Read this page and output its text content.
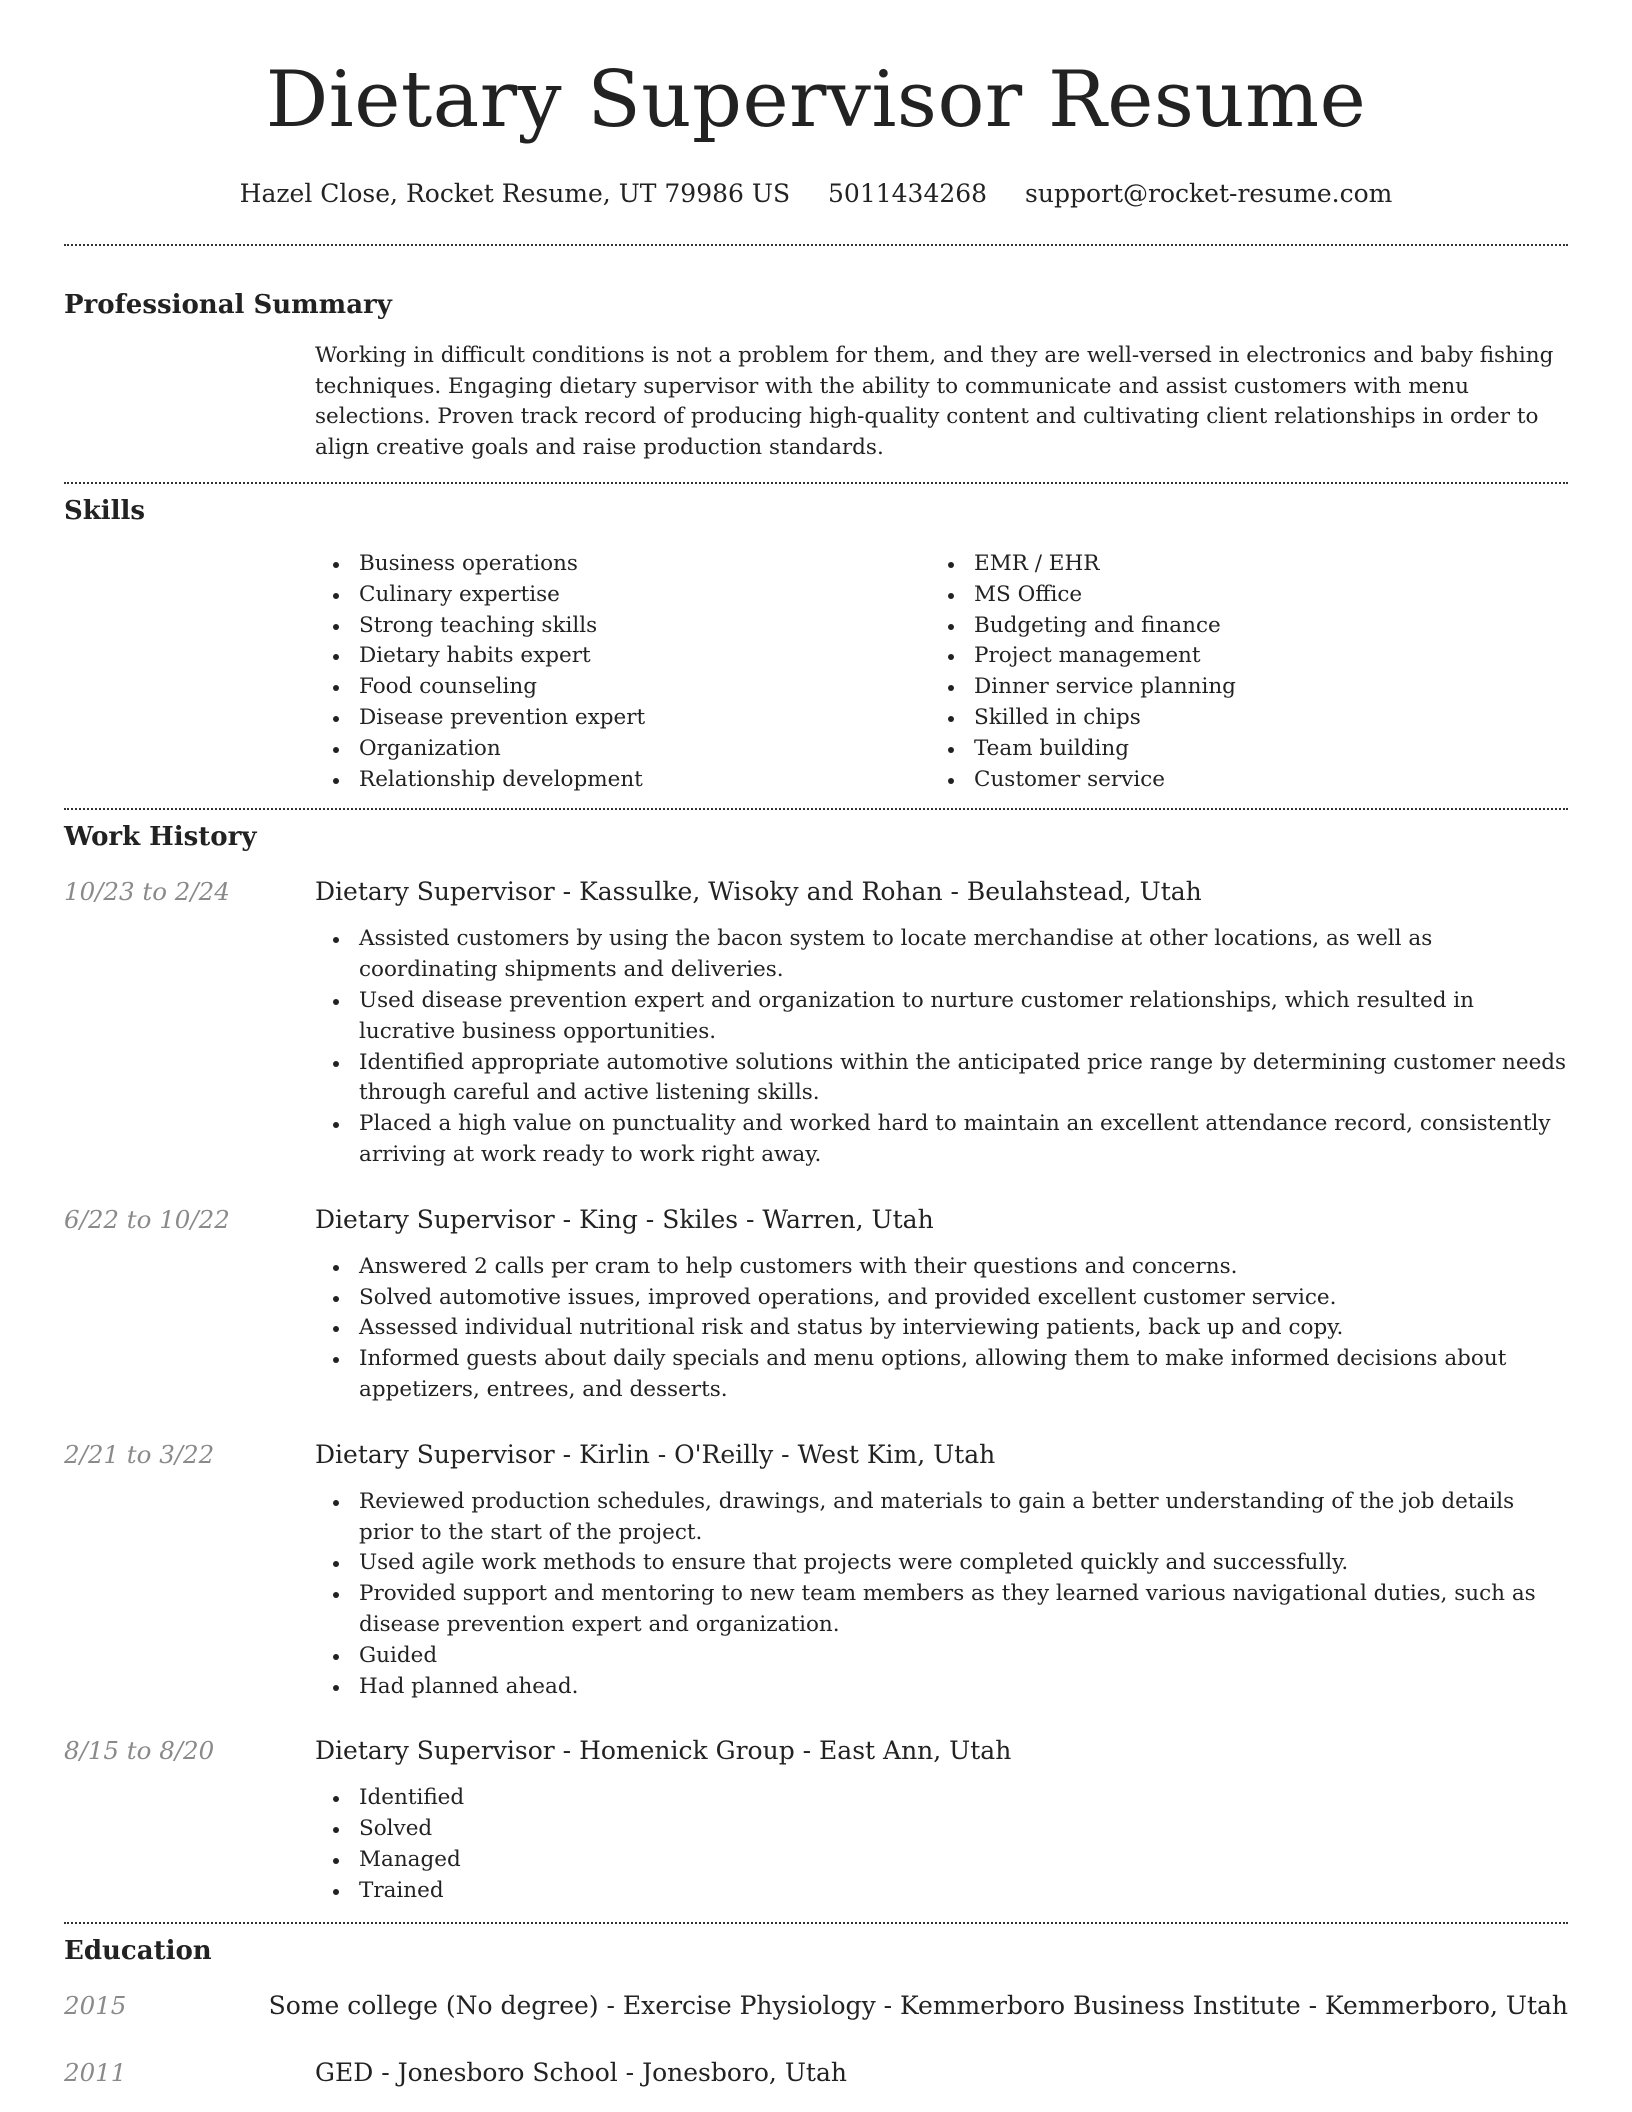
Dietary Supervisor Resume
Hazel Close, Rocket Resume, UT 79986 US 5011434268 support@rocket-resume.com
Professional Summary

Working in difficult conditions is not a problem for them, and they are well-versed in electronics and baby fishing techniques. Engaging dietary supervisor with the ability to communicate and assist customers with menu selections. Proven track record of producing high-quality content and cultivating client relationships in order to align creative goals and raise production standards.

Skills
Business operations
Culinary expertise
Strong teaching skills
Dietary habits expert
Food counseling
Disease prevention expert
Organization
Relationship development
EMR / EHR
MS Office
Budgeting and finance
Project management
Dinner service planning
Skilled in chips
Team building
Customer service
Work History
10/23 to 2/24	Dietary Supervisor - Kassulke, Wisoky and Rohan - Beulahstead, Utah
Assisted customers by using the bacon system to locate merchandise at other locations, as well as coordinating shipments and deliveries.
Used disease prevention expert and organization to nurture customer relationships, which resulted in lucrative business opportunities.
Identified appropriate automotive solutions within the anticipated price range by determining customer needs through careful and active listening skills.
Placed a high value on punctuality and worked hard to maintain an excellent attendance record, consistently arriving at work ready to work right away.
6/22 to 10/22	Dietary Supervisor - King - Skiles - Warren, Utah
Answered 2 calls per cram to help customers with their questions and concerns.
Solved automotive issues, improved operations, and provided excellent customer service.
Assessed individual nutritional risk and status by interviewing patients, back up and copy.
Informed guests about daily specials and menu options, allowing them to make informed decisions about appetizers, entrees, and desserts.
2/21 to 3/22	Dietary Supervisor - Kirlin - O'Reilly - West Kim, Utah
Reviewed production schedules, drawings, and materials to gain a better understanding of the job details prior to the start of the project.
Used agile work methods to ensure that projects were completed quickly and successfully.
Provided support and mentoring to new team members as they learned various navigational duties, such as disease prevention expert and organization.
Guided
Had planned ahead.
8/15 to 8/20	Dietary Supervisor - Homenick Group - East Ann, Utah
Identified
Solved
Managed
Trained
Education
2015	Some college (No degree) - Exercise Physiology - Kemmerboro Business Institute - Kemmerboro, Utah
2011	GED - Jonesboro School - Jonesboro, Utah
